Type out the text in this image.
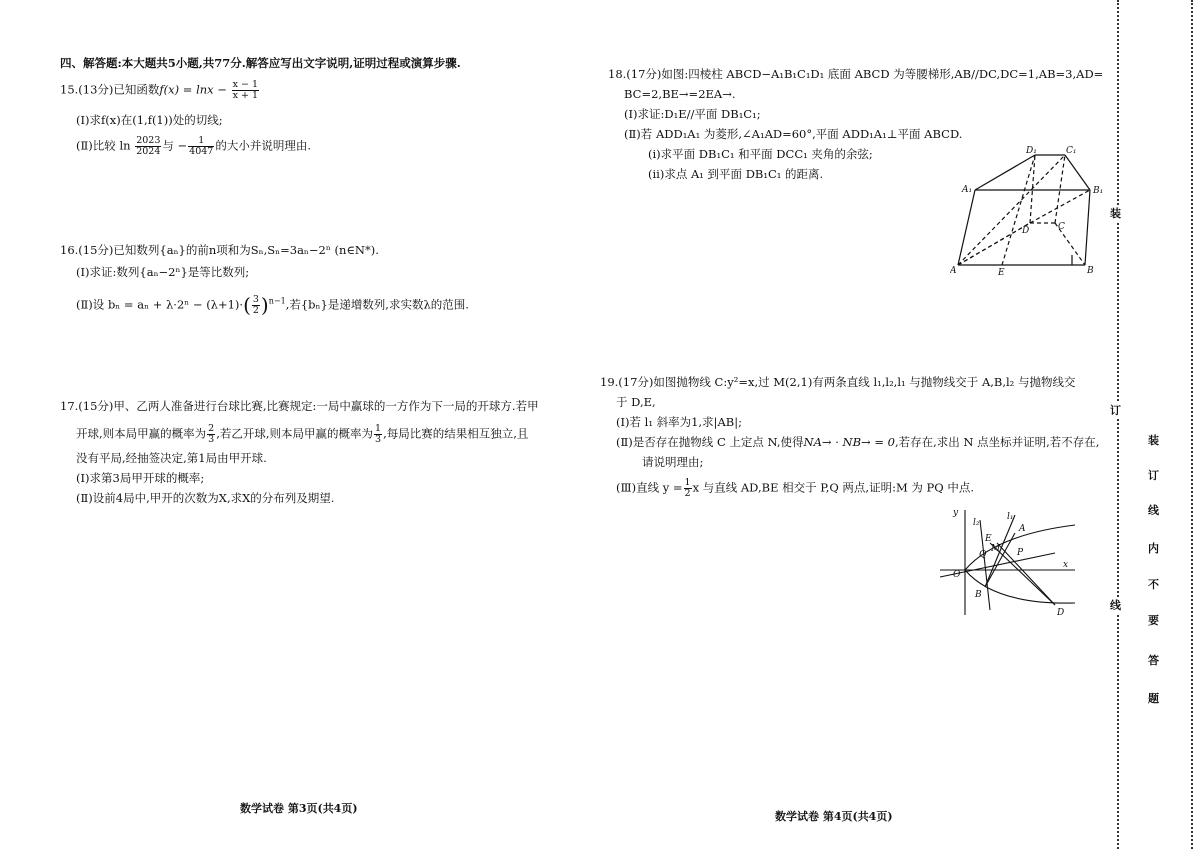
四、解答题:本大题共5小题,共77分.解答应写出文字说明,证明过程或演算步骤.
15.(13分)已知函数$f(x) = \ln x - \frac{x - 1}{x + 1}$
(Ⅰ)求f(x)在(1,f(1))处的切线;
(Ⅱ)比较 $\ln \frac{2023}{2024}$ 与 − $\frac{1}{4047}$ 的大小并说明理由.
16.(15分)已知数列{aₙ}的前n项和为Sₙ,Sₙ=3aₙ−2ⁿ (n∈N*).
(Ⅰ)求证:数列{aₙ−2ⁿ}是等比数列;
(Ⅱ)设 $b_n = a_n + \lambda\cdot 2^n - (\lambda+1)\cdot( \frac{3}{2} )^{n-1}$,若{bₙ}是递增数列,求实数λ的范围.
17.(15分)甲、乙两人准备进行台球比赛,比赛规定:一局中赢球的一方作为下一局的开球方.若甲
开球,则本局甲赢的概率为 $\frac{2}{3}$ ,若乙开球,则本局甲赢的概率为 $\frac{1}{3}$ ,每局比赛的结果相互独立,且
没有平局,经抽签决定,第1局由甲开球.
(Ⅰ)求第3局甲开球的概率;
(Ⅱ)设前4局中,甲开的次数为X,求X的分布列及期望.
数学试卷 第3页(共4页)
18.(17分)如图:四棱柱 ABCD−A₁B₁C₁D₁ 底面 ABCD 为等腰梯形,AB//DC,DC=1,AB=3,AD=
BC=2,BE→=2EA→.
(Ⅰ)求证:D₁E//平面 DB₁C₁;
(Ⅱ)若 ADD₁A₁ 为菱形,∠A₁AD=60°,平面 ADD₁A₁⊥平面 ABCD.
(ⅰ)求平面 DB₁C₁ 和平面 DCC₁ 夹角的余弦;
(ⅱ)求点 A₁ 到平面 DB₁C₁ 的距离.
A	B
C
D
E
A₁	B₁
C₁
D₁
19.(17分)如图抛物线 C:y²=x,过 M(2,1)有两条直线 l₁,l₂,l₁ 与抛物线交于 A,B,l₂ 与抛物线交
于 D,E,
(Ⅰ)若 l₁ 斜率为1,求|AB|;
(Ⅱ)是否存在抛物线 C 上定点 N,使得NA→ · NB→ = 0,若存在,求出 N 点坐标并证明,若不存在,
请说明理由;
(Ⅲ)直线 $y = \frac{1}{2}$ x 与直线 AD,BE 相交于 P,Q 两点,证明:M 为 PQ 中点.
y
x
O
l₂
l₁
A
B
D
E
M P
Q
数学试卷 第4页(共4页)
装
订
线
装
订
线
内
不
要
答
题
